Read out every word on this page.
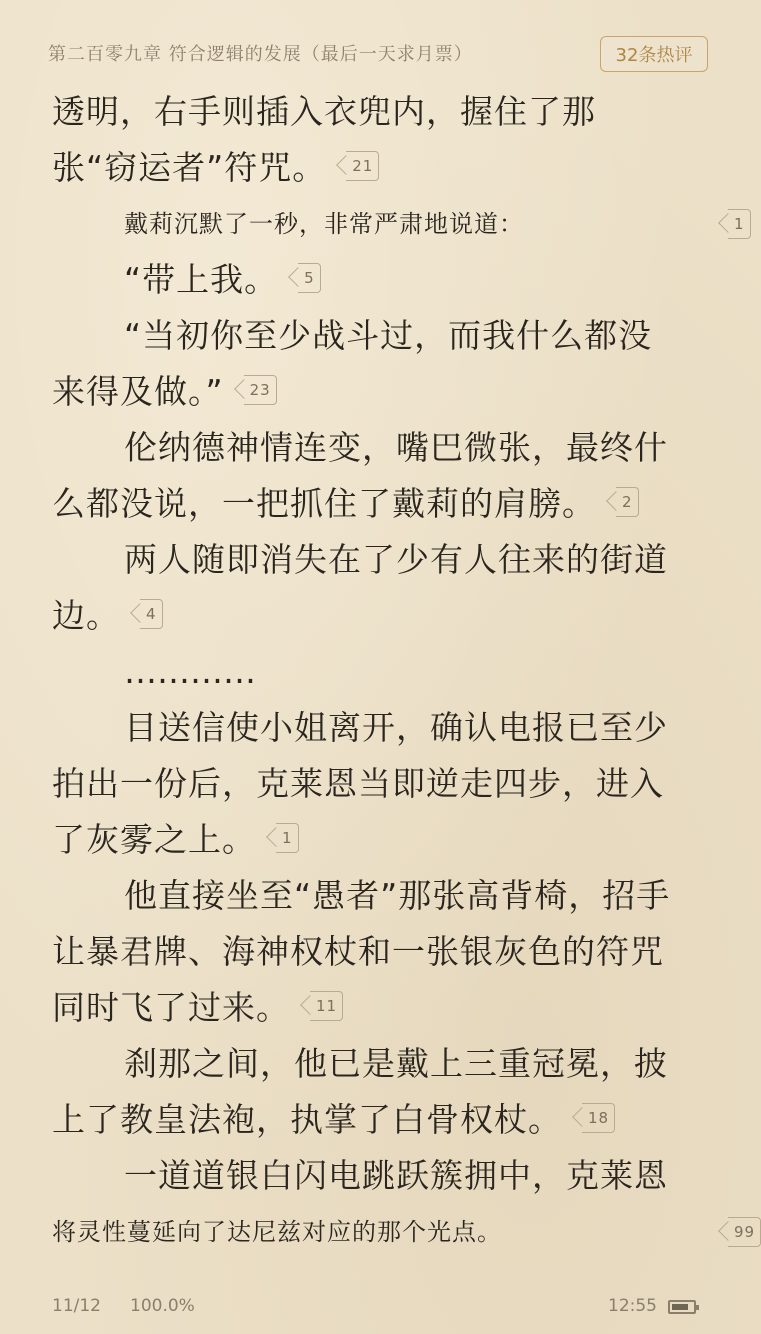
第二百零九章 符合逻辑的发展（最后一天求月票）	32条热评
透明，右手则插入衣兜内，握住了那
张“窃运者”符咒。 21
戴莉沉默了一秒，非常严肃地说道：	1
“带上我。 5
“当初你至少战斗过，而我什么都没
来得及做。” 23
伦纳德神情连变，嘴巴微张，最终什
么都没说，一把抓住了戴莉的肩膀。 2
两人随即消失在了少有人往来的街道
边。 4
…………
目送信使小姐离开，确认电报已至少
拍出一份后，克莱恩当即逆走四步，进入
了灰雾之上。 1
他直接坐至“愚者”那张高背椅，招手
让暴君牌、海神权杖和一张银灰色的符咒
同时飞了过来。 11
刹那之间，他已是戴上三重冠冕，披
上了教皇法袍，执掌了白骨权杖。 18
一道道银白闪电跳跃簇拥中，克莱恩
将灵性蔓延向了达尼兹对应的那个光点。	99
11/12 100.0%	12:55
